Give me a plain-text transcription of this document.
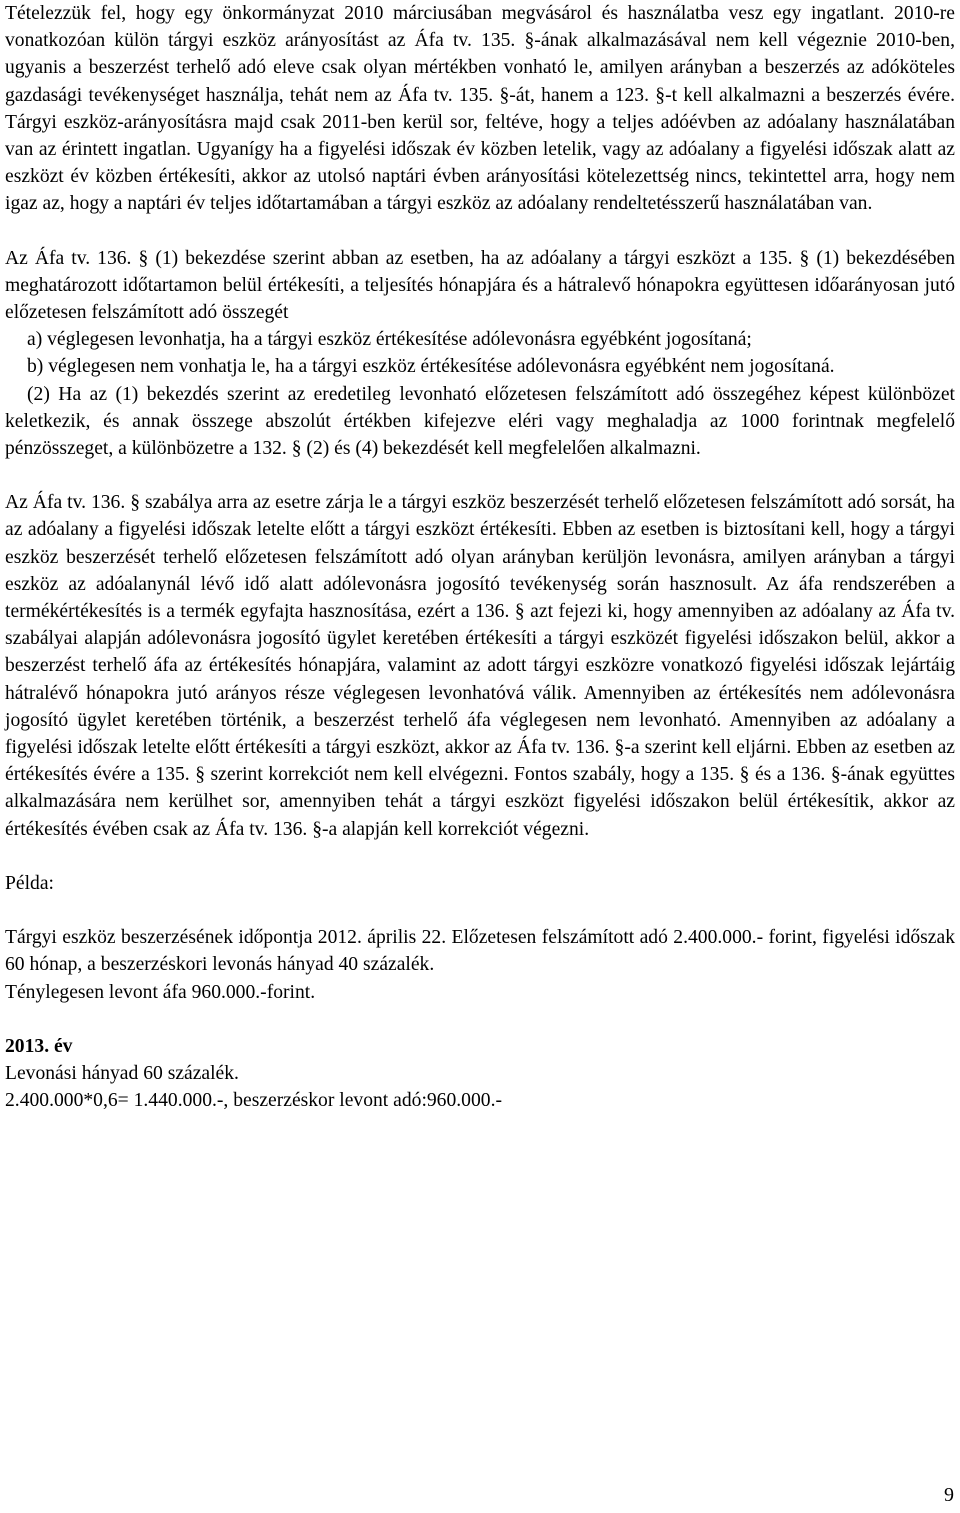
Tételezzük fel, hogy egy önkormányzat 2010 márciusában megvásárol és használatba vesz egy ingatlant. 2010-re vonatkozóan külön tárgyi eszköz arányosítást az Áfa tv. 135. §-ának alkalmazásával nem kell végeznie 2010-ben, ugyanis a beszerzést terhelő adó eleve csak olyan mértékben vonható le, amilyen arányban a beszerzés az adóköteles gazdasági tevékenységet használja, tehát nem az Áfa tv. 135. §-át, hanem a 123. §-t kell alkalmazni a beszerzés évére. Tárgyi eszköz-arányosításra majd csak 2011-ben kerül sor, feltéve, hogy a teljes adóévben az adóalany használatában van az érintett ingatlan. Ugyanígy ha a figyelési időszak év közben letelik, vagy az adóalany a figyelési időszak alatt az eszközt év közben értékesíti, akkor az utolsó naptári évben arányosítási kötelezettség nincs, tekintettel arra, hogy nem igaz az, hogy a naptári év teljes időtartamában a tárgyi eszköz az adóalany rendeltetésszerű használatában van.

Az Áfa tv. 136. § (1) bekezdése szerint abban az esetben, ha az adóalany a tárgyi eszközt a 135. § (1) bekezdésében meghatározott időtartamon belül értékesíti, a teljesítés hónapjára és a hátralevő hónapokra együttesen időarányosan jutó előzetesen felszámított adó összegét

a) véglegesen levonhatja, ha a tárgyi eszköz értékesítése adólevonásra egyébként jogosítaná;

b) véglegesen nem vonhatja le, ha a tárgyi eszköz értékesítése adólevonásra egyébként nem jogosítaná.

(2) Ha az (1) bekezdés szerint az eredetileg levonható előzetesen felszámított adó összegéhez képest különbözet keletkezik, és annak összege abszolút értékben kifejezve eléri vagy meghaladja az 1000 forintnak megfelelő pénzösszeget, a különbözetre a 132. § (2) és (4) bekezdését kell megfelelően alkalmazni.

Az Áfa tv. 136. § szabálya arra az esetre zárja le a tárgyi eszköz beszerzését terhelő előzetesen felszámított adó sorsát, ha az adóalany a figyelési időszak letelte előtt a tárgyi eszközt értékesíti. Ebben az esetben is biztosítani kell, hogy a tárgyi eszköz beszerzését terhelő előzetesen felszámított adó olyan arányban kerüljön levonásra, amilyen arányban a tárgyi eszköz az adóalanynál lévő idő alatt adólevonásra jogosító tevékenység során hasznosult. Az áfa rendszerében a termékértékesítés is a termék egyfajta hasznosítása, ezért a 136. § azt fejezi ki, hogy amennyiben az adóalany az Áfa tv. szabályai alapján adólevonásra jogosító ügylet keretében értékesíti a tárgyi eszközét figyelési időszakon belül, akkor a beszerzést terhelő áfa az értékesítés hónapjára, valamint az adott tárgyi eszközre vonatkozó figyelési időszak lejártáig hátralévő hónapokra jutó arányos része véglegesen levonhatóvá válik. Amennyiben az értékesítés nem adólevonásra jogosító ügylet keretében történik, a beszerzést terhelő áfa véglegesen nem levonható. Amennyiben az adóalany a figyelési időszak letelte előtt értékesíti a tárgyi eszközt, akkor az Áfa tv. 136. §-a szerint kell eljárni. Ebben az esetben az értékesítés évére a 135. § szerint korrekciót nem kell elvégezni. Fontos szabály, hogy a 135. § és a 136. §-ának együttes alkalmazására nem kerülhet sor, amennyiben tehát a tárgyi eszközt figyelési időszakon belül értékesítik, akkor az értékesítés évében csak az Áfa tv. 136. §-a alapján kell korrekciót végezni.

Példa:

Tárgyi eszköz beszerzésének időpontja 2012. április 22. Előzetesen felszámított adó 2.400.000.- forint, figyelési időszak 60 hónap, a beszerzéskori levonás hányad 40 százalék.

Ténylegesen levont áfa 960.000.-forint.

2013. év

Levonási hányad 60 százalék.

2.400.000*0,6= 1.440.000.-, beszerzéskor levont adó:960.000.-

9
